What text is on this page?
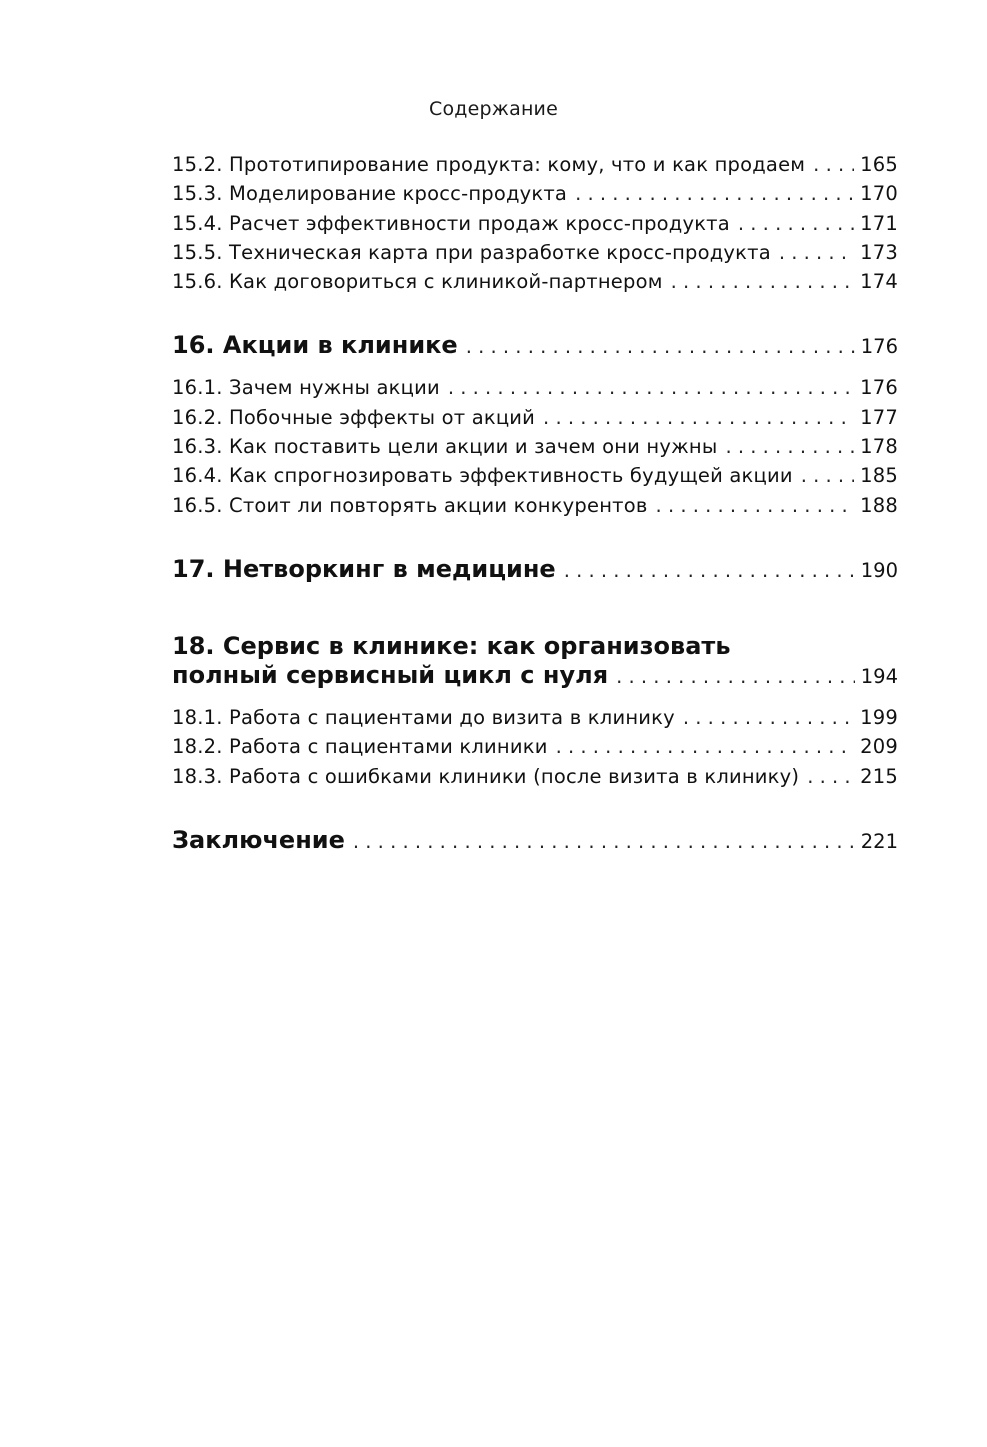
Содержание
15.2. Прототипирование продукта: кому, что и как продаем . . .	165
15.3. Моделирование кросс-продукта . . .	170
15.4. Расчет эффективности продаж кросс-продукта . . .	171
15.5. Техническая карта при разработке кросс-продукта . . .	173
15.6. Как договориться с клиникой-партнером . . .	174
16. Акции в клинике . . .	176
16.1. Зачем нужны акции . . .	176
16.2. Побочные эффекты от акций . . .	177
16.3. Как поставить цели акции и зачем они нужны . . .	178
16.4. Как спрогнозировать эффективность будущей акции . . .	185
16.5. Стоит ли повторять акции конкурентов . . .	188
17. Нетворкинг в медицине . . .	190
18. Сервис в клинике: как организовать
полный сервисный цикл с нуля . . .	194
18.1. Работа с пациентами до визита в клинику . . .	199
18.2. Работа с пациентами клиники . . .	209
18.3. Работа с ошибками клиники (после визита в клинику) . . .	215
Заключение . . .	221
